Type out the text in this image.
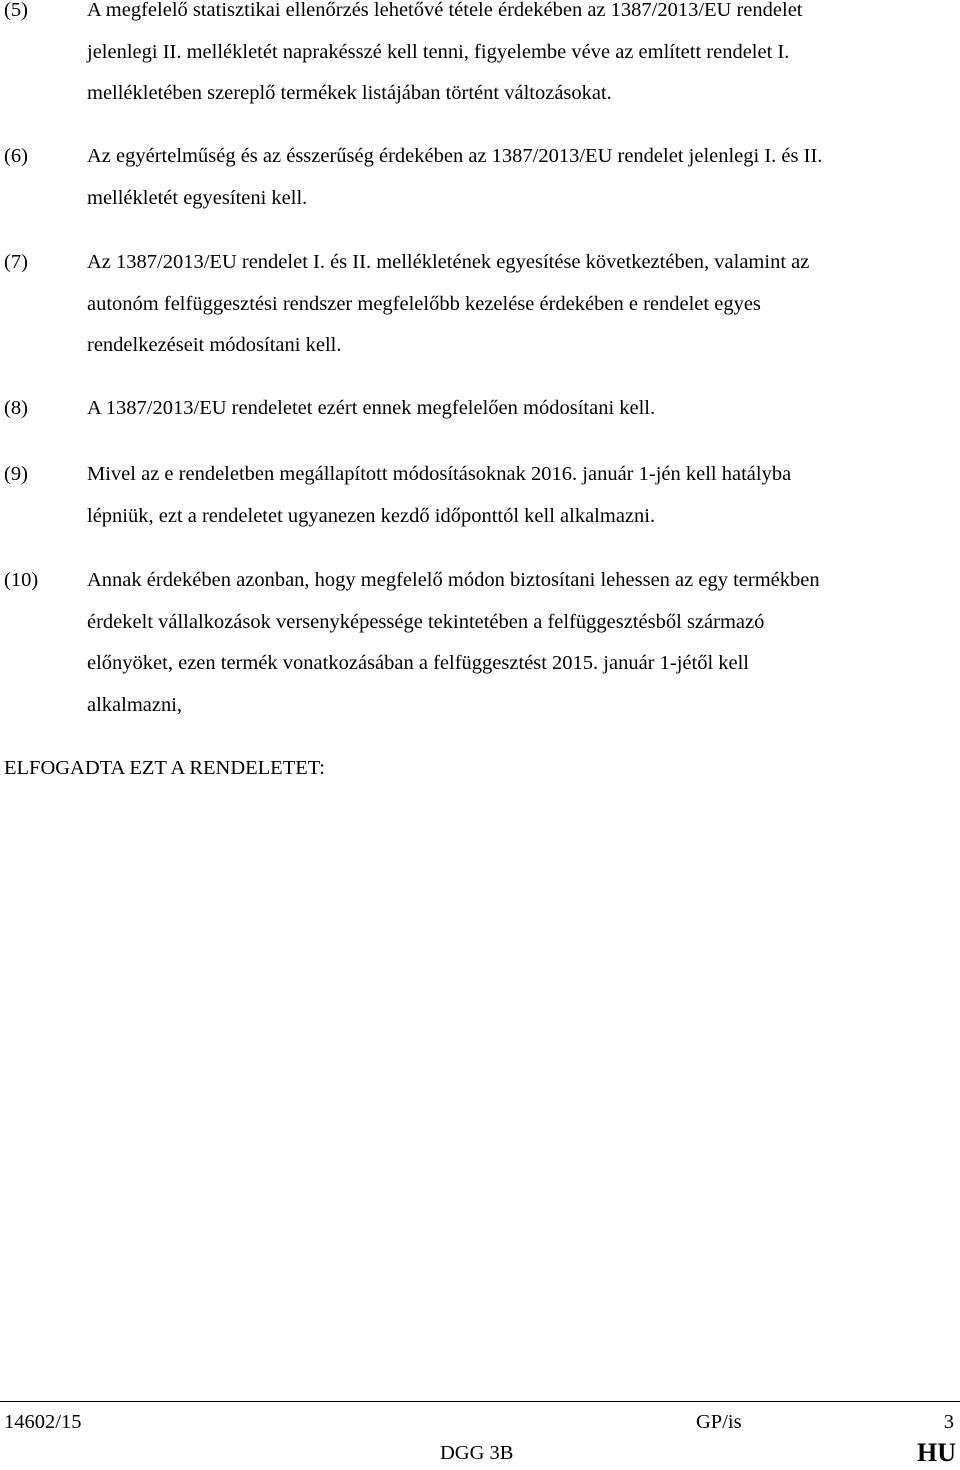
(5)	A megfelelő statisztikai ellenőrzés lehetővé tétele érdekében az 1387/2013/EU rendelet
jelenlegi II. mellékletét naprakésszé kell tenni, figyelembe véve az említett rendelet I.
mellékletében szereplő termékek listájában történt változásokat.
(6)	Az egyértelműség és az ésszerűség érdekében az 1387/2013/EU rendelet jelenlegi I. és II.
mellékletét egyesíteni kell.
(7)	Az 1387/2013/EU rendelet I. és II. mellékletének egyesítése következtében, valamint az
autonóm felfüggesztési rendszer megfelelőbb kezelése érdekében e rendelet egyes
rendelkezéseit módosítani kell.
(8)	A 1387/2013/EU rendeletet ezért ennek megfelelően módosítani kell.
(9)	Mivel az e rendeletben megállapított módosításoknak 2016. január 1-jén kell hatályba
lépniük, ezt a rendeletet ugyanezen kezdő időponttól kell alkalmazni.
(10)	Annak érdekében azonban, hogy megfelelő módon biztosítani lehessen az egy termékben
érdekelt vállalkozások versenyképessége tekintetében a felfüggesztésből származó
előnyöket, ezen termék vonatkozásában a felfüggesztést 2015. január 1-jétől kell
alkalmazni,
ELFOGADTA EZT A RENDELETET:
14602/15	GP/is	3
DGG 3B	HU
